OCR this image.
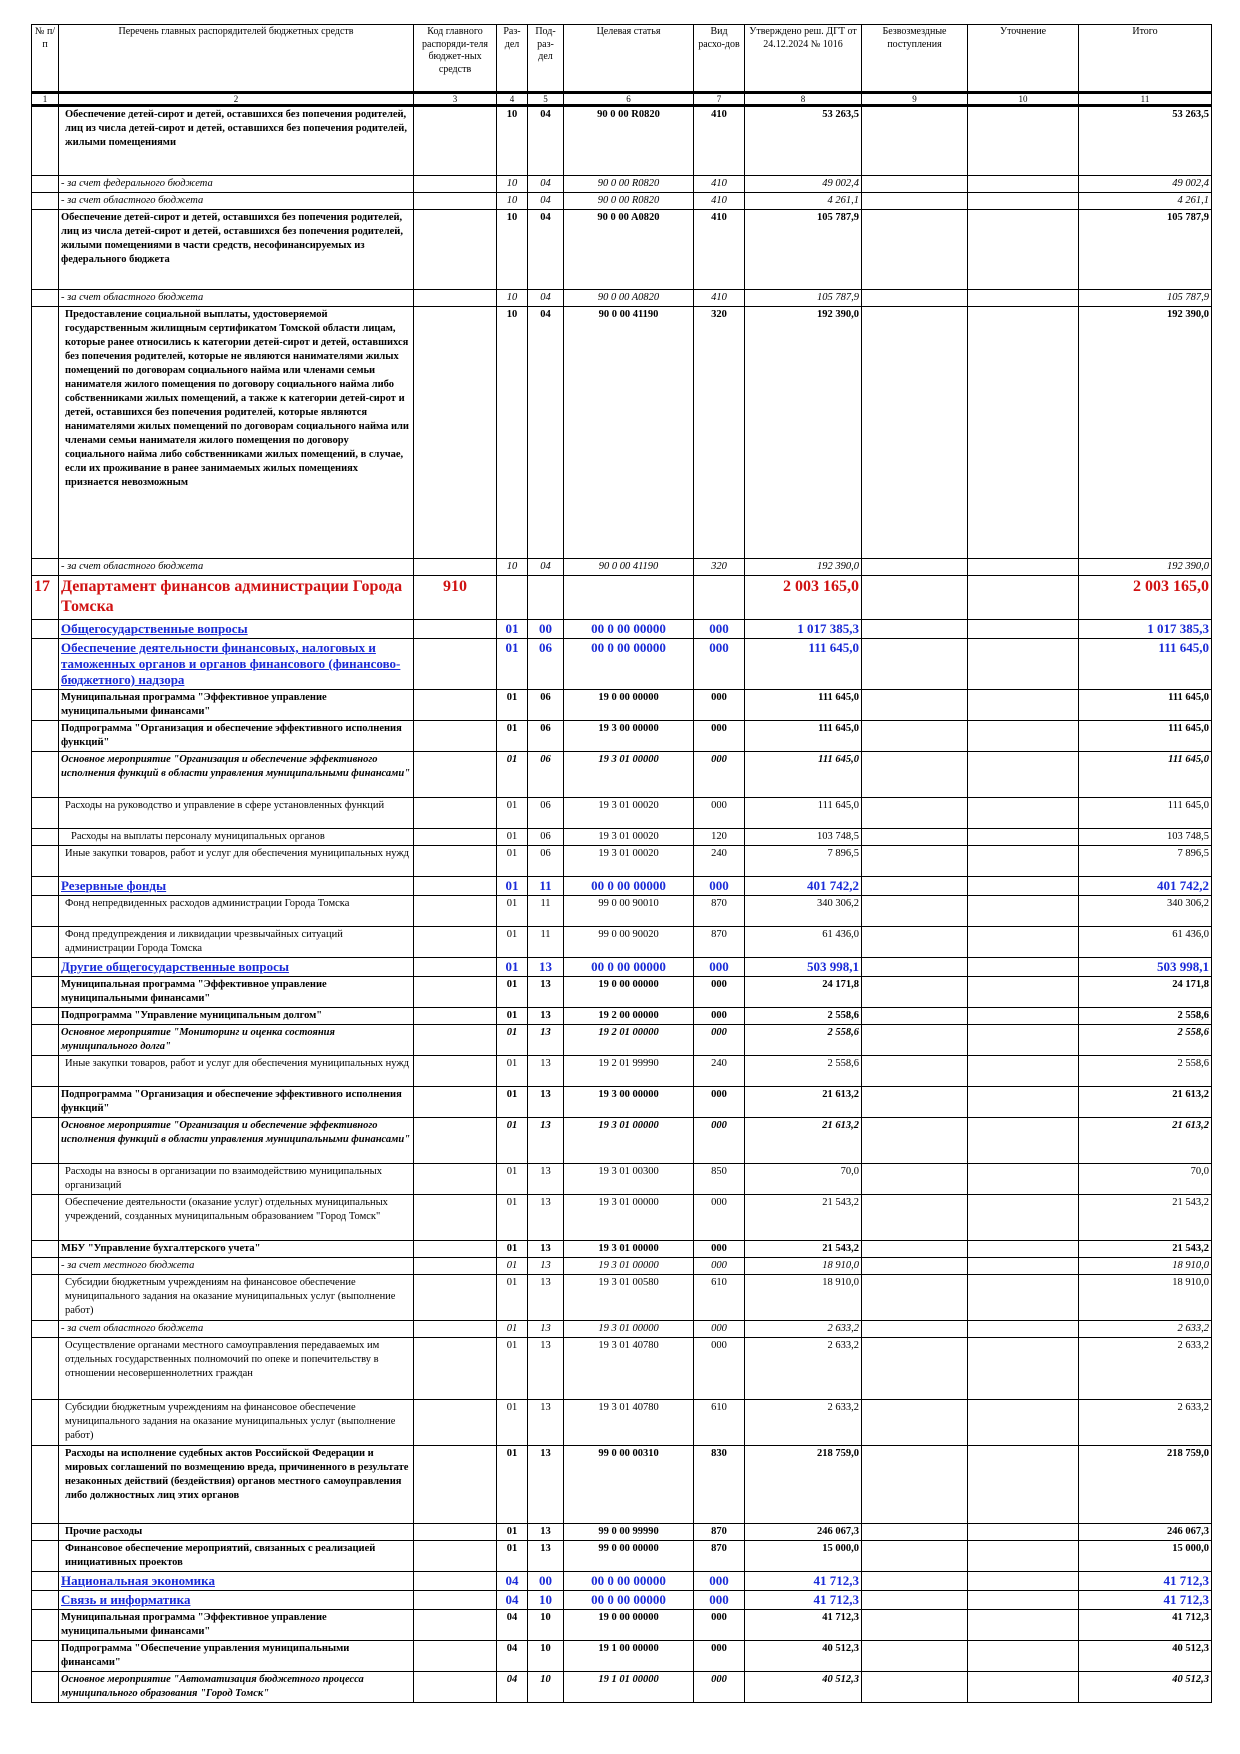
№ п/п	Перечень главных распорядителей бюджетных средств	Код главного распоряди-теля бюджет-ных средств	Раз-дел	Под-раз-дел	Целевая статья	Вид расхо-дов	Утверждено реш. ДГТ от 24.12.2024 № 1016	Безвозмездные поступления	Уточнение	Итого
1	2	3	4	5	6	7	8	9	10	11
	Обеспечение детей-сирот и детей, оставшихся без попечения родителей, лиц из числа детей-сирот и детей, оставшихся без попечения родителей, жилыми помещениями		10	04	90 0 00 R0820	410	53 263,5			53 263,5
	- за счет федерального бюджета		10	04	90 0 00 R0820	410	49 002,4			49 002,4
	- за счет областного бюджета		10	04	90 0 00 R0820	410	4 261,1			4 261,1
	Обеспечение детей-сирот и детей, оставшихся без попечения родителей, лиц из числа детей-сирот и детей, оставшихся без попечения родителей, жилыми помещениями в части средств, несофинансируемых из федерального бюджета		10	04	90 0 00 A0820	410	105 787,9			105 787,9
	- за счет областного бюджета		10	04	90 0 00 A0820	410	105 787,9			105 787,9
	Предоставление социальной выплаты, удостоверяемой государственным жилищным сертификатом Томской области лицам, которые ранее относились к категории детей-сирот и детей, оставшихся без попечения родителей, которые не являются нанимателями жилых помещений по договорам социального найма или членами семьи нанимателя жилого помещения по договору социального найма либо собственниками жилых помещений, а также к категории детей-сирот и детей, оставшихся без попечения родителей, которые являются нанимателями жилых помещений по договорам социального найма или членами семьи нанимателя жилого помещения по договору социального найма либо собственниками жилых помещений, в случае, если их проживание в ранее занимаемых жилых помещениях признается невозможным		10	04	90 0 00 41190	320	192 390,0			192 390,0
	- за счет областного бюджета		10	04	90 0 00 41190	320	192 390,0			192 390,0
17	Департамент финансов администрации Города Томска	910					2 003 165,0			2 003 165,0
	Общегосударственные вопросы		01	00	00 0 00 00000	000	1 017 385,3			1 017 385,3
	Обеспечение деятельности финансовых, налоговых и таможенных органов и органов финансового (финансово-бюджетного) надзора		01	06	00 0 00 00000	000	111 645,0			111 645,0
	Муниципальная программа "Эффективное управление муниципальными финансами"		01	06	19 0 00 00000	000	111 645,0			111 645,0
	Подпрограмма "Организация и обеспечение эффективного исполнения функций"		01	06	19 3 00 00000	000	111 645,0			111 645,0
	Основное мероприятие "Организация и обеспечение эффективного исполнения функций в области управления муниципальными финансами"		01	06	19 3 01 00000	000	111 645,0			111 645,0
	Расходы на руководство и управление в сфере установленных функций		01	06	19 3 01 00020	000	111 645,0			111 645,0
	Расходы на выплаты персоналу муниципальных органов		01	06	19 3 01 00020	120	103 748,5			103 748,5
	Иные закупки товаров, работ и услуг для обеспечения муниципальных нужд		01	06	19 3 01 00020	240	7 896,5			7 896,5
	Резервные фонды		01	11	00 0 00 00000	000	401 742,2			401 742,2
	Фонд непредвиденных расходов администрации Города Томска		01	11	99 0 00 90010	870	340 306,2			340 306,2
	Фонд предупреждения и ликвидации чрезвычайных ситуаций администрации Города Томска		01	11	99 0 00 90020	870	61 436,0			61 436,0
	Другие общегосударственные вопросы		01	13	00 0 00 00000	000	503 998,1			503 998,1
	Муниципальная программа "Эффективное управление муниципальными финансами"		01	13	19 0 00 00000	000	24 171,8			24 171,8
	Подпрограмма "Управление муниципальным долгом"		01	13	19 2 00 00000	000	2 558,6			2 558,6
	Основное мероприятие "Мониторинг и оценка состояния муниципального долга"		01	13	19 2 01 00000	000	2 558,6			2 558,6
	Иные закупки товаров, работ и услуг для обеспечения муниципальных нужд		01	13	19 2 01 99990	240	2 558,6			2 558,6
	Подпрограмма "Организация и обеспечение эффективного исполнения функций"		01	13	19 3 00 00000	000	21 613,2			21 613,2
	Основное мероприятие "Организация и обеспечение эффективного исполнения функций в области управления муниципальными финансами"		01	13	19 3 01 00000	000	21 613,2			21 613,2
	Расходы на взносы в организации по взаимодействию муниципальных организаций		01	13	19 3 01 00300	850	70,0			70,0
	Обеспечение деятельности (оказание услуг) отдельных муниципальных учреждений, созданных муниципальным образованием "Город Томск"		01	13	19 3 01 00000	000	21 543,2			21 543,2
	МБУ "Управление бухгалтерского учета"		01	13	19 3 01 00000	000	21 543,2			21 543,2
	- за счет местного бюджета		01	13	19 3 01 00000	000	18 910,0			18 910,0
	Субсидии бюджетным учреждениям на финансовое обеспечение муниципального задания на оказание муниципальных услуг (выполнение работ)		01	13	19 3 01 00580	610	18 910,0			18 910,0
	- за счет областного бюджета		01	13	19 3 01 00000	000	2 633,2			2 633,2
	Осуществление органами местного самоуправления передаваемых им отдельных государственных полномочий по опеке и попечительству в отношении несовершеннолетних граждан		01	13	19 3 01 40780	000	2 633,2			2 633,2
	Субсидии бюджетным учреждениям на финансовое обеспечение муниципального задания на оказание муниципальных услуг (выполнение работ)		01	13	19 3 01 40780	610	2 633,2			2 633,2
	Расходы на исполнение судебных актов Российской Федерации и мировых соглашений по возмещению вреда, причиненного в результате незаконных действий (бездействия) органов местного самоуправления либо должностных лиц этих органов		01	13	99 0 00 00310	830	218 759,0			218 759,0
	Прочие расходы		01	13	99 0 00 99990	870	246 067,3			246 067,3
	Финансовое обеспечение мероприятий, связанных с реализацией инициативных проектов		01	13	99 0 00 00000	870	15 000,0			15 000,0
	Национальная экономика		04	00	00 0 00 00000	000	41 712,3			41 712,3
	Связь и информатика		04	10	00 0 00 00000	000	41 712,3			41 712,3
	Муниципальная программа "Эффективное управление муниципальными финансами"		04	10	19 0 00 00000	000	41 712,3			41 712,3
	Подпрограмма "Обеспечение управления муниципальными финансами"		04	10	19 1 00 00000	000	40 512,3			40 512,3
	Основное мероприятие "Автоматизация бюджетного процесса муниципального образования "Город Томск"		04	10	19 1 01 00000	000	40 512,3			40 512,3
